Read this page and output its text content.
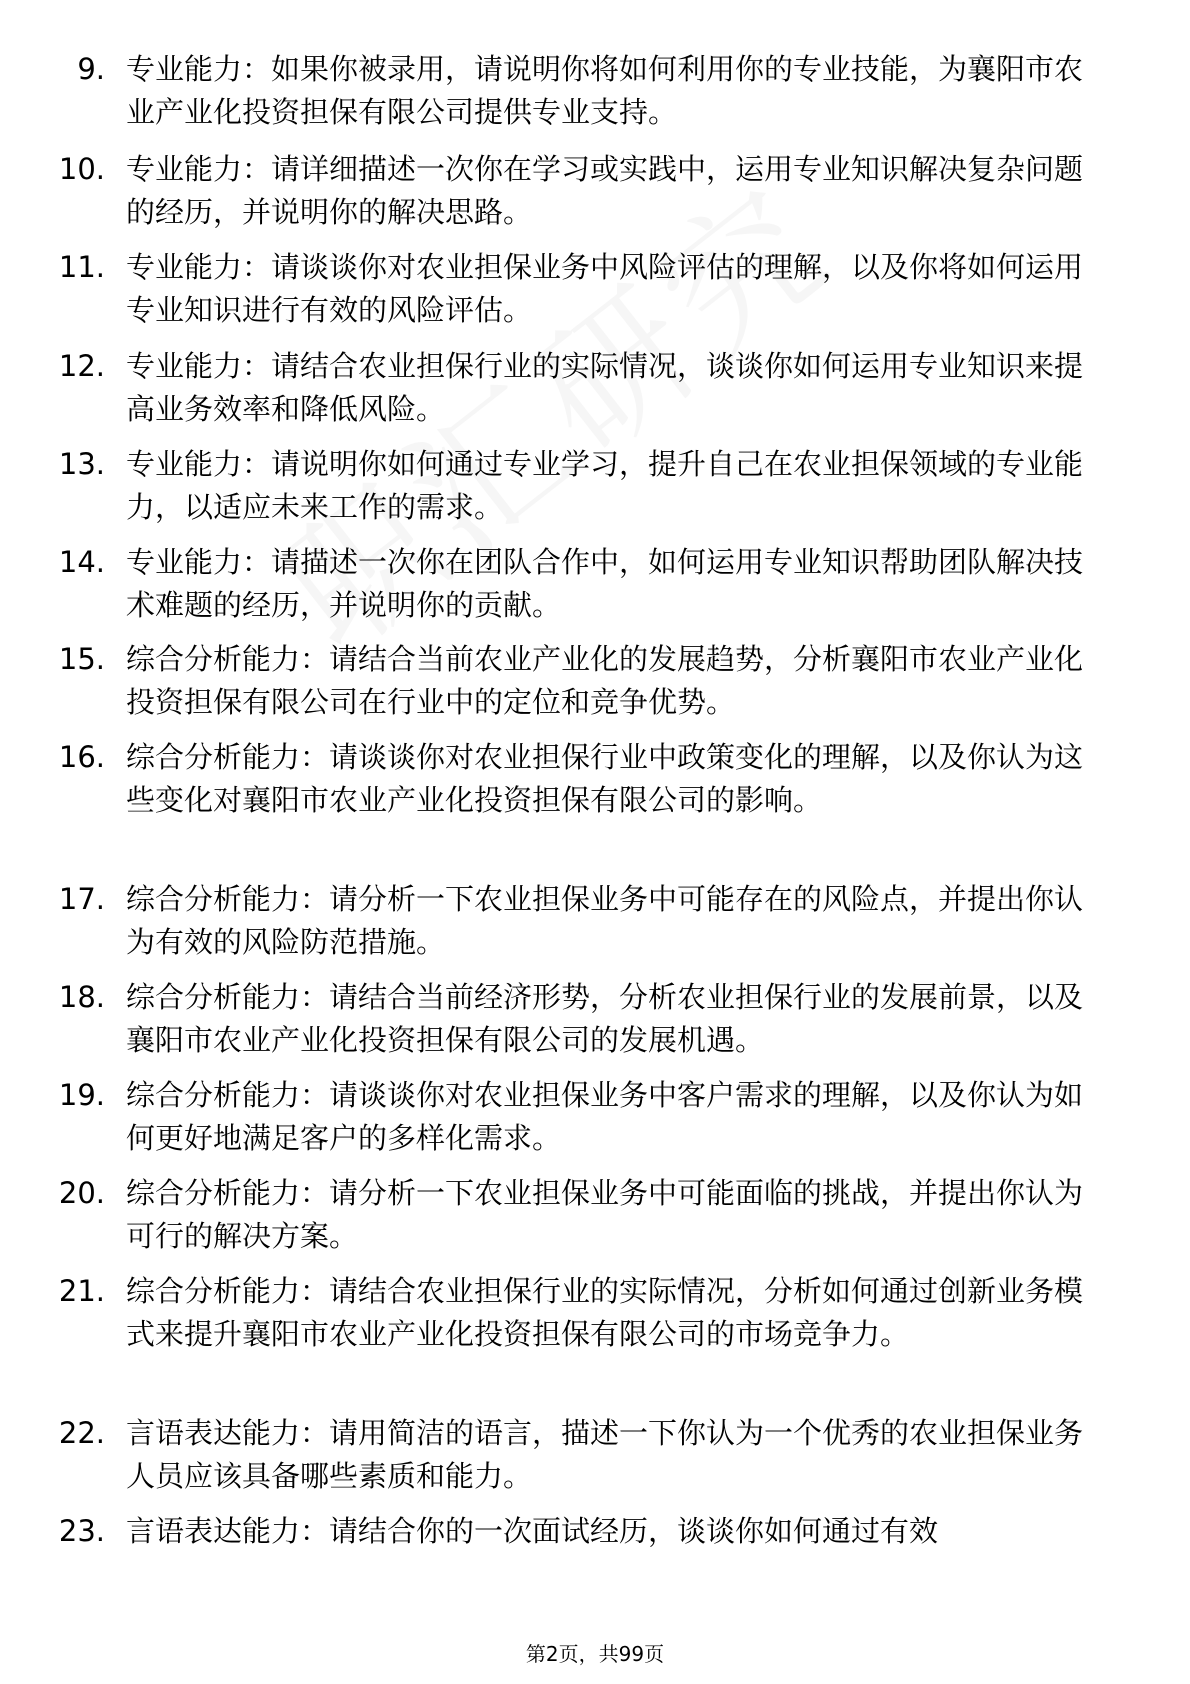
9. 专业能力：如果你被录用，请说明你将如何利用你的专业技能，为襄阳市农业产业化投资担保有限公司提供专业支持。
10. 专业能力：请详细描述一次你在学习或实践中，运用专业知识解决复杂问题的经历，并说明你的解决思路。
11. 专业能力：请谈谈你对农业担保业务中风险评估的理解，以及你将如何运用专业知识进行有效的风险评估。
12. 专业能力：请结合农业担保行业的实际情况，谈谈你如何运用专业知识来提高业务效率和降低风险。
13. 专业能力：请说明你如何通过专业学习，提升自己在农业担保领域的专业能力，以适应未来工作的需求。
14. 专业能力：请描述一次你在团队合作中，如何运用专业知识帮助团队解决技术难题的经历，并说明你的贡献。
15. 综合分析能力：请结合当前农业产业化的发展趋势，分析襄阳市农业产业化投资担保有限公司在行业中的定位和竞争优势。
16. 综合分析能力：请谈谈你对农业担保行业中政策变化的理解，以及你认为这些变化对襄阳市农业产业化投资担保有限公司的影响。
17. 综合分析能力：请分析一下农业担保业务中可能存在的风险点，并提出你认为有效的风险防范措施。
18. 综合分析能力：请结合当前经济形势，分析农业担保行业的发展前景，以及襄阳市农业产业化投资担保有限公司的发展机遇。
19. 综合分析能力：请谈谈你对农业担保业务中客户需求的理解，以及你认为如何更好地满足客户的多样化需求。
20. 综合分析能力：请分析一下农业担保业务中可能面临的挑战，并提出你认为可行的解决方案。
21. 综合分析能力：请结合农业担保行业的实际情况，分析如何通过创新业务模式来提升襄阳市农业产业化投资担保有限公司的市场竞争力。
22. 言语表达能力：请用简洁的语言，描述一下你认为一个优秀的农业担保业务人员应该具备哪些素质和能力。
23. 言语表达能力：请结合你的一次面试经历，谈谈你如何通过有效
第2页，共99页
